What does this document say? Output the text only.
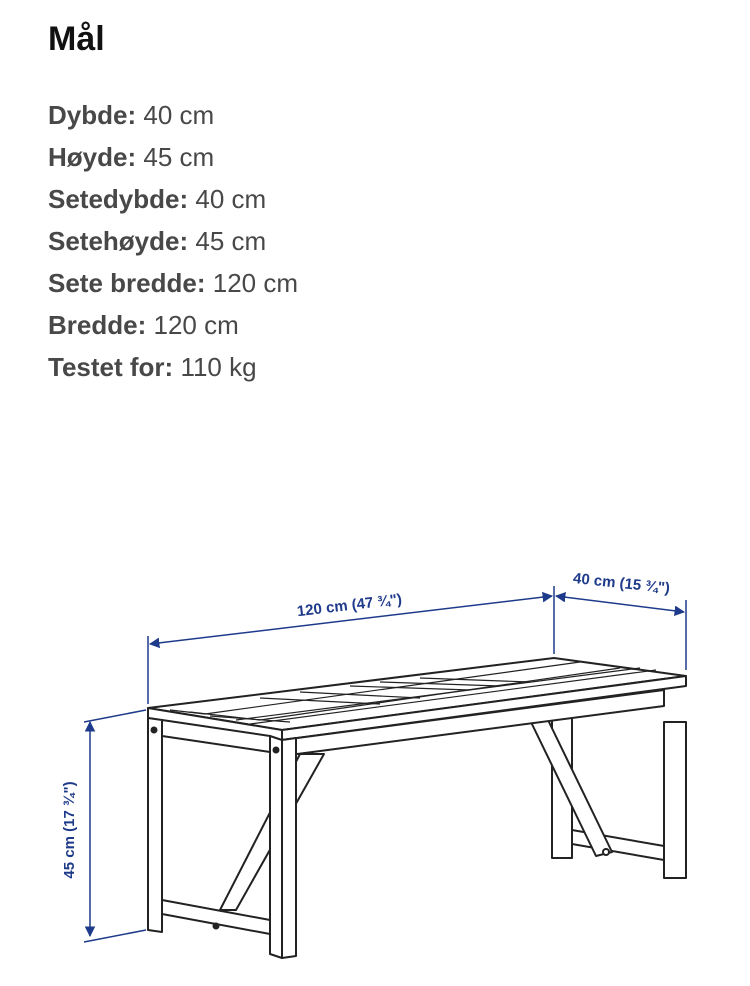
Mål
Dybde: 40 cm
Høyde: 45 cm
Setedybde: 40 cm
Setehøyde: 45 cm
Sete bredde: 120 cm
Bredde: 120 cm
Testet for: 110 kg
120 cm (47 ¾")
40 cm (15 ¾")
45 cm (17 ¾")
